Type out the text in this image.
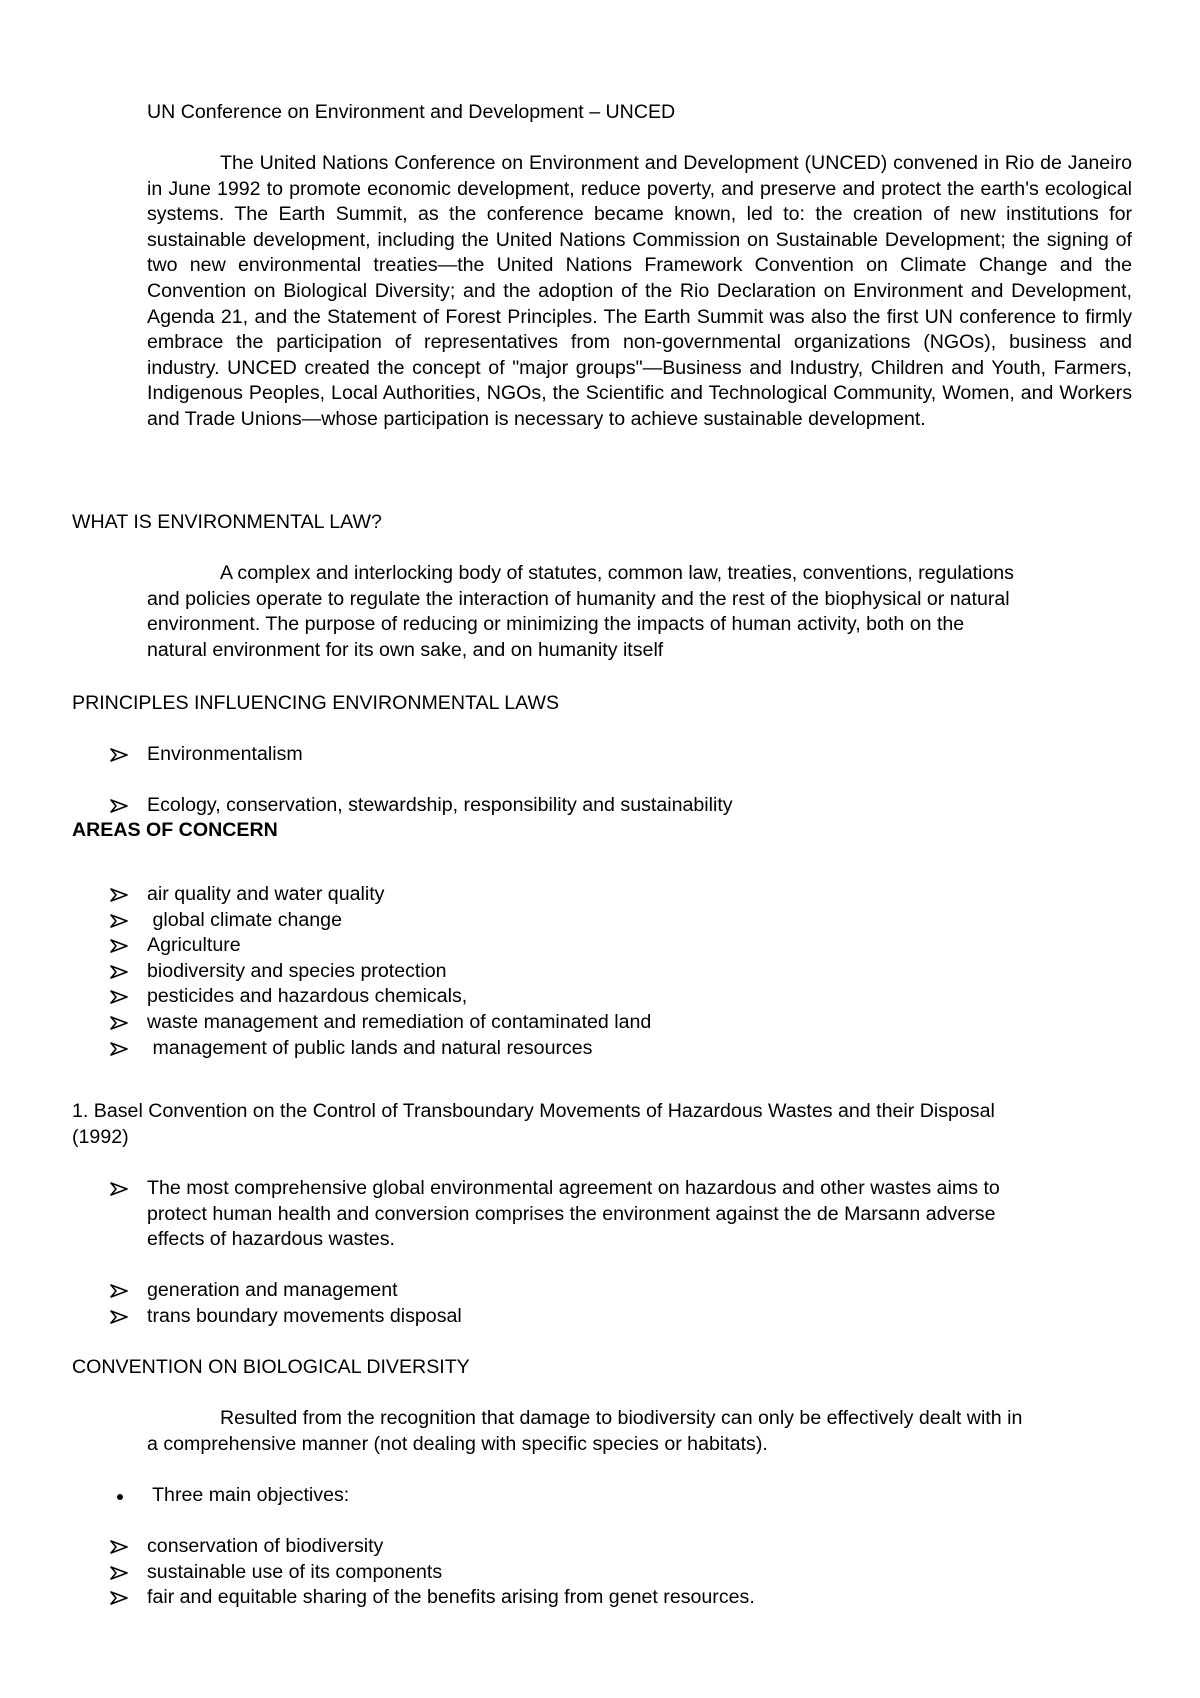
UN Conference on Environment and Development – UNCED

The United Nations Conference on Environment and Development (UNCED) convened in Rio de Janeiro in June 1992 to promote economic development, reduce poverty, and preserve and protect the earth's ecological systems. The Earth Summit, as the conference became known, led to: the creation of new institutions for sustainable development, including the United Nations Commission on Sustainable Development; the signing of two new environmental treaties—the United Nations Framework Convention on Climate Change and the Convention on Biological Diversity; and the adoption of the Rio Declaration on Environment and Development, Agenda 21, and the Statement of Forest Principles. The Earth Summit was also the first UN conference to firmly embrace the participation of representatives from non-governmental organizations (NGOs), business and industry. UNCED created the concept of "major groups"—Business and Industry, Children and Youth, Farmers, Indigenous Peoples, Local Authorities, NGOs, the Scientific and Technological Community, Women, and Workers and Trade Unions—whose participation is necessary to achieve sustainable development.

WHAT IS ENVIRONMENTAL LAW?

A complex and interlocking body of statutes, common law, treaties, conventions, regulations
and policies operate to regulate the interaction of humanity and the rest of the biophysical or natural
environment. The purpose of reducing or minimizing the impacts of human activity, both on the
natural environment for its own sake, and on humanity itself

PRINCIPLES INFLUENCING ENVIRONMENTAL LAWS

Environmentalism
Ecology, conservation, stewardship, responsibility and sustainability

AREAS OF CONCERN

air quality and water quality
global climate change
Agriculture
biodiversity and species protection
pesticides and hazardous chemicals,
waste management and remediation of contaminated land
management of public lands and natural resources
1. Basel Convention on the Control of Transboundary Movements of Hazardous Wastes and their Disposal
(1992)
The most comprehensive global environmental agreement on hazardous and other wastes aims to
protect human health and conversion comprises the environment against the de Marsann adverse
effects of hazardous wastes.
generation and management
trans boundary movements disposal

CONVENTION ON BIOLOGICAL DIVERSITY

Resulted from the recognition that damage to biodiversity can only be effectively dealt with in
a comprehensive manner (not dealing with specific species or habitats).
Three main objectives:
conservation of biodiversity
sustainable use of its components
fair and equitable sharing of the benefits arising from genet resources.
